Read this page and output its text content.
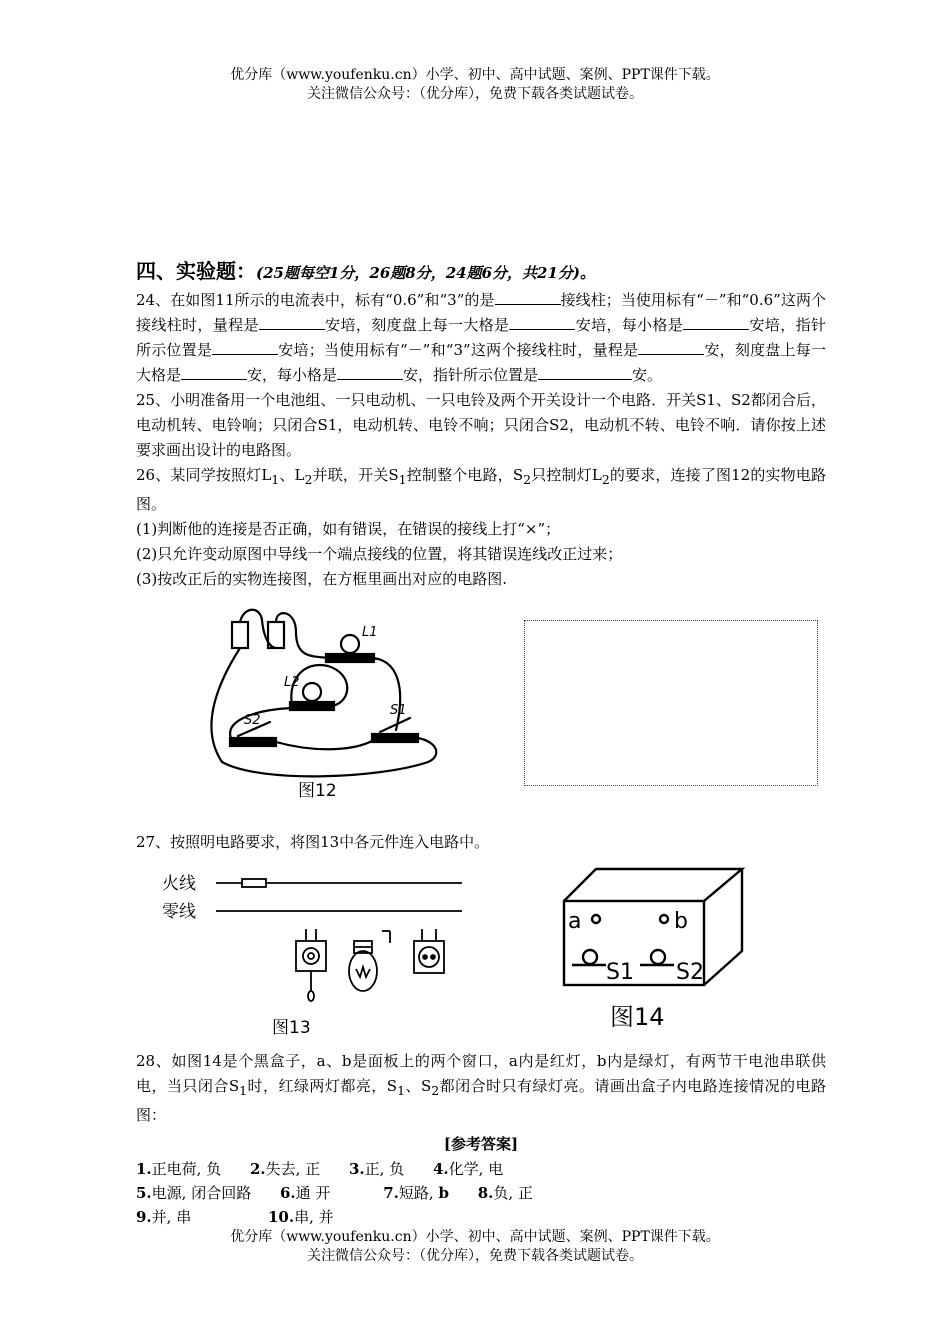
优分库（www.youfenku.cn）小学、初中、高中试题、案例、PPT课件下载。
关注微信公众号：（优分库），免费下载各类试题试卷。
四、实验题：(25题每空1分，26题8分，24题6分，共21分)。

24、在如图11所示的电流表中，标有“0.6”和“3”的是	接线柱；当使用标有“－”和“0.6”这两个接线柱时，量程是	安培，刻度盘上每一大格是	安培，每小格是	安培，指针所示位置是	安培；当使用标有“－”和“3”这两个接线柱时，量程是	安，刻度盘上每一大格是	安，每小格是	安，指针所示位置是	安。

25、小明准备用一个电池组、一只电动机、一只电铃及两个开关设计一个电路．开关S1、S2都闭合后，电动机转、电铃响；只闭合S1，电动机转、电铃不响；只闭合S2，电动机不转、电铃不响．请你按上述要求画出设计的电路图。

26、某同学按照灯$L_1$、$L_2$并联，开关$S_1$控制整个电路，$S_2$只控制灯$L_2$的要求，连接了图12的实物电路图。

(1)判断他的连接是否正确，如有错误，在错误的接线上打“×”；

(2)只允许变动原图中导线一个端点接线的位置，将其错误连线改正过来；

(3)按改正后的实物连接图，在方框里画出对应的电路图.

L1
L2
S2
S1
图12

27、按照明电路要求，将图13中各元件连入电路中。

火线
零线
图13
a	b
S1 S2
图14

28、如图14是个黑盒子，a、b是面板上的两个窗口，a内是红灯，b内是绿灯，有两节干电池串联供电，当只闭合$S_1$时，红绿两灯都亮，$S_1$、$S_2$都闭合时只有绿灯亮。请画出盒子内电路连接情况的电路图：

[参考答案]
1.正电荷, 负 2.失去, 正 3.正, 负 4.化学, 电
5.电源, 闭合回路 6.通 开	7.短路, b 8.负, 正
9.并, 串	10.串, 并
优分库（www.youfenku.cn）小学、初中、高中试题、案例、PPT课件下载。
关注微信公众号：（优分库），免费下载各类试题试卷。
